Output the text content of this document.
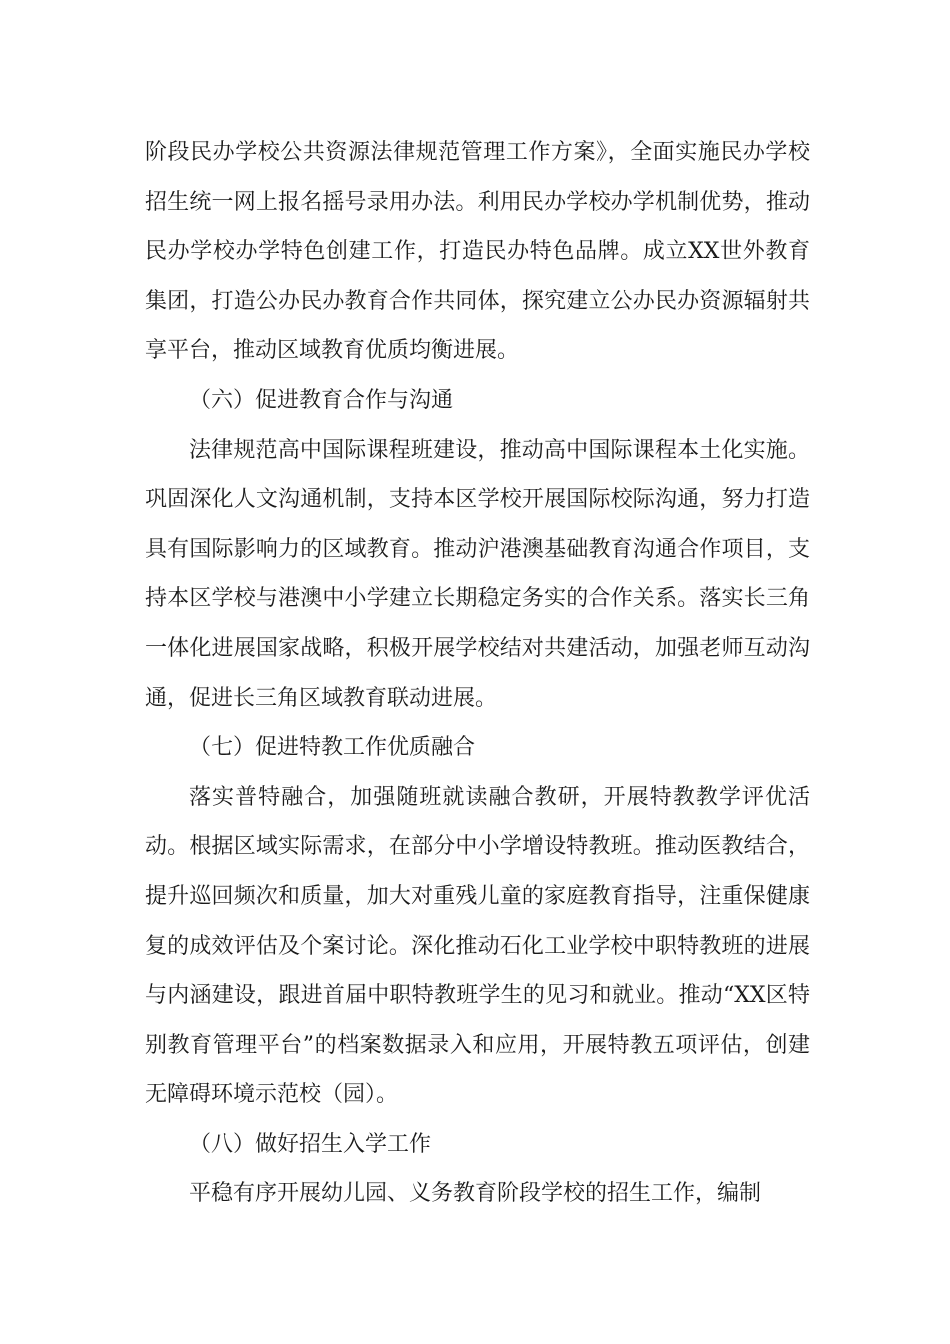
阶段民办学校公共资源法律规范管理工作方案》，全面实施民办学校招生统一网上报名摇号录用办法。利用民办学校办学机制优势，推动民办学校办学特色创建工作，打造民办特色品牌。成立XX世外教育集团，打造公办民办教育合作共同体，探究建立公办民办资源辐射共享平台，推动区域教育优质均衡进展。

（六）促进教育合作与沟通

法律规范高中国际课程班建设，推动高中国际课程本土化实施。巩固深化人文沟通机制，支持本区学校开展国际校际沟通，努力打造具有国际影响力的区域教育。推动沪港澳基础教育沟通合作项目，支持本区学校与港澳中小学建立长期稳定务实的合作关系。落实长三角一体化进展国家战略，积极开展学校结对共建活动，加强老师互动沟通，促进长三角区域教育联动进展。

（七）促进特教工作优质融合

落实普特融合，加强随班就读融合教研，开展特教教学评优活动。根据区域实际需求，在部分中小学增设特教班。推动医教结合，提升巡回频次和质量，加大对重残儿童的家庭教育指导，注重保健康复的成效评估及个案讨论。深化推动石化工业学校中职特教班的进展与内涵建设，跟进首届中职特教班学生的见习和就业。推动“XX区特别教育管理平台”的档案数据录入和应用，开展特教五项评估，创建无障碍环境示范校（园）。

（八）做好招生入学工作

平稳有序开展幼儿园、义务教育阶段学校的招生工作，编制
